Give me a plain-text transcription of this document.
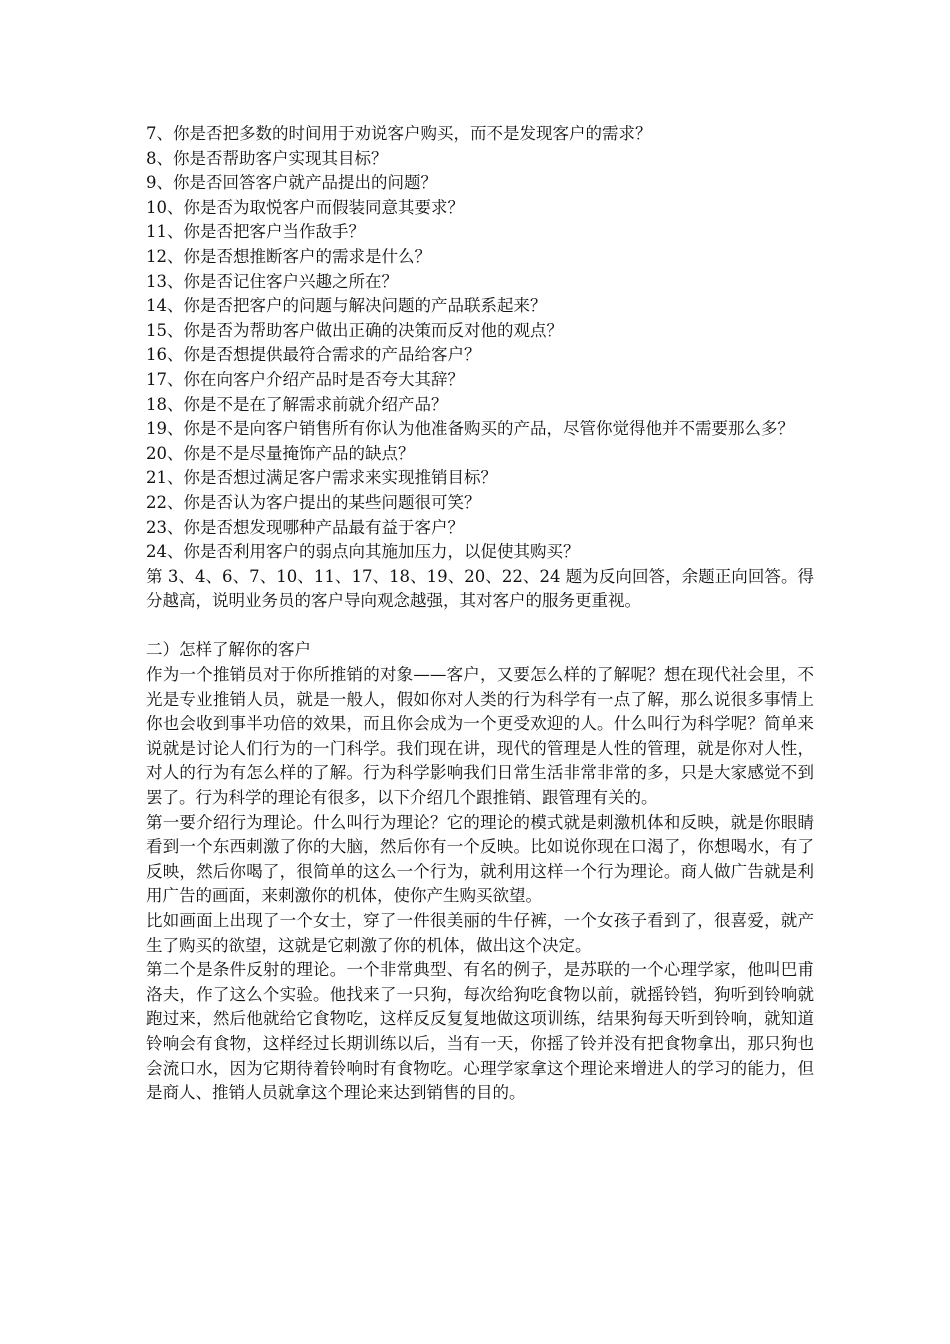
7、你是否把多数的时间用于劝说客户购买，而不是发现客户的需求？

8、你是否帮助客户实现其目标？

9、你是否回答客户就产品提出的问题？

10、你是否为取悦客户而假装同意其要求？

11、你是否把客户当作敌手？

12、你是否想推断客户的需求是什么？

13、你是否记住客户兴趣之所在？

14、你是否把客户的问题与解决问题的产品联系起来？

15、你是否为帮助客户做出正确的决策而反对他的观点？

16、你是否想提供最符合需求的产品给客户？

17、你在向客户介绍产品时是否夸大其辞？

18、你是不是在了解需求前就介绍产品？

19、你是不是向客户销售所有你认为他准备购买的产品，尽管你觉得他并不需要那么多？

20、你是不是尽量掩饰产品的缺点？

21、你是否想过满足客户需求来实现推销目标？

22、你是否认为客户提出的某些问题很可笑？

23、你是否想发现哪种产品最有益于客户？

24、你是否利用客户的弱点向其施加压力，以促使其购买？

第 3、4、6、7、10、11、17、18、19、20、22、24 题为反向回答，余题正向回答。得分越高，说明业务员的客户导向观念越强，其对客户的服务更重视。

二）怎样了解你的客户

作为一个推销员对于你所推销的对象——客户，又要怎么样的了解呢？想在现代社会里，不光是专业推销人员，就是一般人，假如你对人类的行为科学有一点了解，那么说很多事情上你也会收到事半功倍的效果，而且你会成为一个更受欢迎的人。什么叫行为科学呢？简单来说就是讨论人们行为的一门科学。我们现在讲，现代的管理是人性的管理，就是你对人性，对人的行为有怎么样的了解。行为科学影响我们日常生活非常非常的多，只是大家感觉不到罢了。行为科学的理论有很多，以下介绍几个跟推销、跟管理有关的。

第一要介绍行为理论。什么叫行为理论？它的理论的模式就是刺激机体和反映，就是你眼睛看到一个东西刺激了你的大脑，然后你有一个反映。比如说你现在口渴了，你想喝水，有了反映，然后你喝了，很简单的这么一个行为，就利用这样一个行为理论。商人做广告就是利用广告的画面，来刺激你的机体，使你产生购买欲望。

比如画面上出现了一个女士，穿了一件很美丽的牛仔裤，一个女孩子看到了，很喜爱，就产生了购买的欲望，这就是它刺激了你的机体，做出这个决定。

第二个是条件反射的理论。一个非常典型、有名的例子，是苏联的一个心理学家，他叫巴甫洛夫，作了这么个实验。他找来了一只狗，每次给狗吃食物以前，就摇铃铛，狗听到铃响就跑过来，然后他就给它食物吃，这样反反复复地做这项训练，结果狗每天听到铃响，就知道铃响会有食物，这样经过长期训练以后，当有一天，你摇了铃并没有把食物拿出，那只狗也会流口水，因为它期待着铃响时有食物吃。心理学家拿这个理论来增进人的学习的能力，但是商人、推销人员就拿这个理论来达到销售的目的。
